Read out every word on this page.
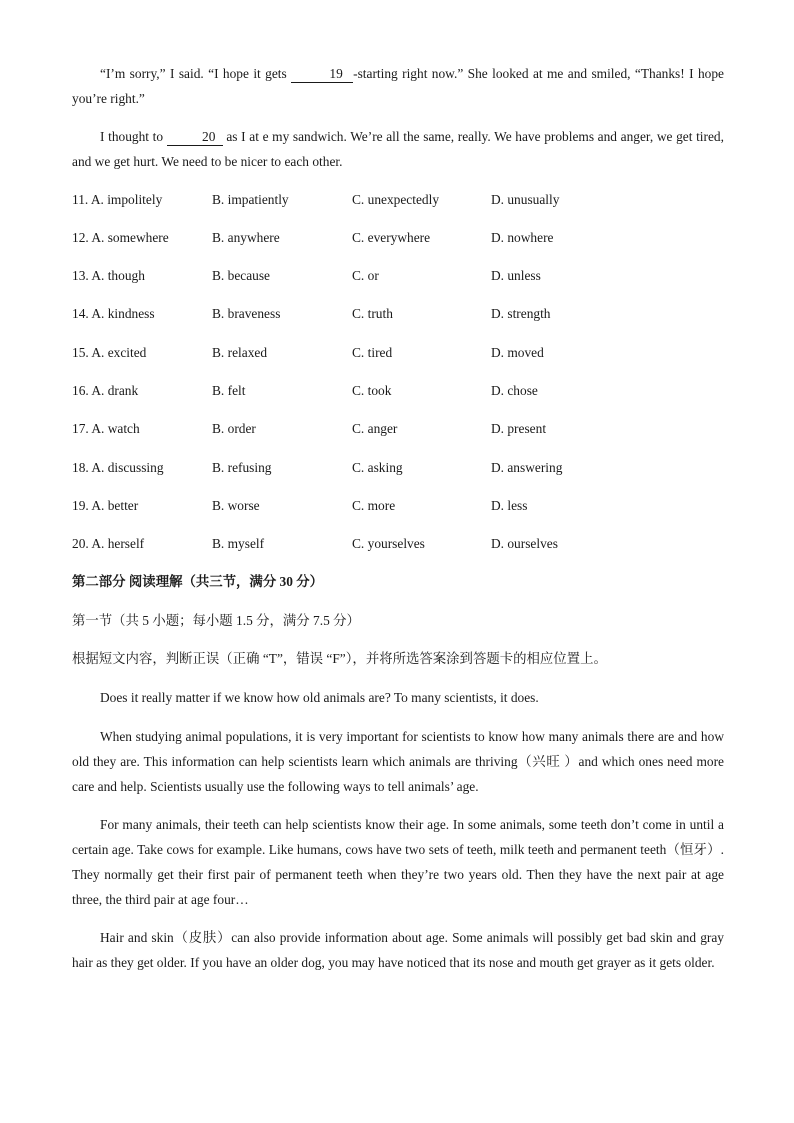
“I’m sorry,” I said. “I hope it gets	19 -starting right now.” She looked at me and smiled, “Thanks! I hope you’re right.”

I thought to	20 as I at e my sandwich. We’re all the same, really. We have problems and anger, we get tired, and we get hurt. We need to be nicer to each other.

11. A. impolitely	B. impatiently	C. unexpectedly	D. unusually
12. A. somewhere	B. anywhere	C. everywhere	D. nowhere
13. A. though	B. because	C. or	D. unless
14. A. kindness	B. braveness	C. truth	D. strength
15. A. excited	B. relaxed	C. tired	D. moved
16. A. drank	B. felt	C. took	D. chose
17. A. watch	B. order	C. anger	D. present
18. A. discussing	B. refusing	C. asking	D. answering
19. A. better	B. worse	C. more	D. less
20. A. herself	B. myself	C. yourselves	D. ourselves
第二部分 阅读理解（共三节，满分 30 分）
第一节（共 5 小题；每小题 1.5 分，满分 7.5 分）
根据短文内容，判断正误（正确 “T”，错误 “F”），并将所选答案涂到答题卡的相应位置上。

Does it really matter if we know how old animals are? To many scientists, it does.

When studying animal populations, it is very important for scientists to know how many animals there are and how old they are. This information can help scientists learn which animals are thriving（兴旺 ）and which ones need more care and help. Scientists usually use the following ways to tell animals’ age.

For many animals, their teeth can help scientists know their age. In some animals, some teeth don’t come in until a certain age. Take cows for example. Like humans, cows have two sets of teeth, milk teeth and permanent teeth（恒牙）. They normally get their first pair of permanent teeth when they’re two years old. Then they have the next pair at age three, the third pair at age four…

Hair and skin（皮肤）can also provide information about age. Some animals will possibly get bad skin and gray hair as they get older. If you have an older dog, you may have noticed that its nose and mouth get grayer as it gets older.
